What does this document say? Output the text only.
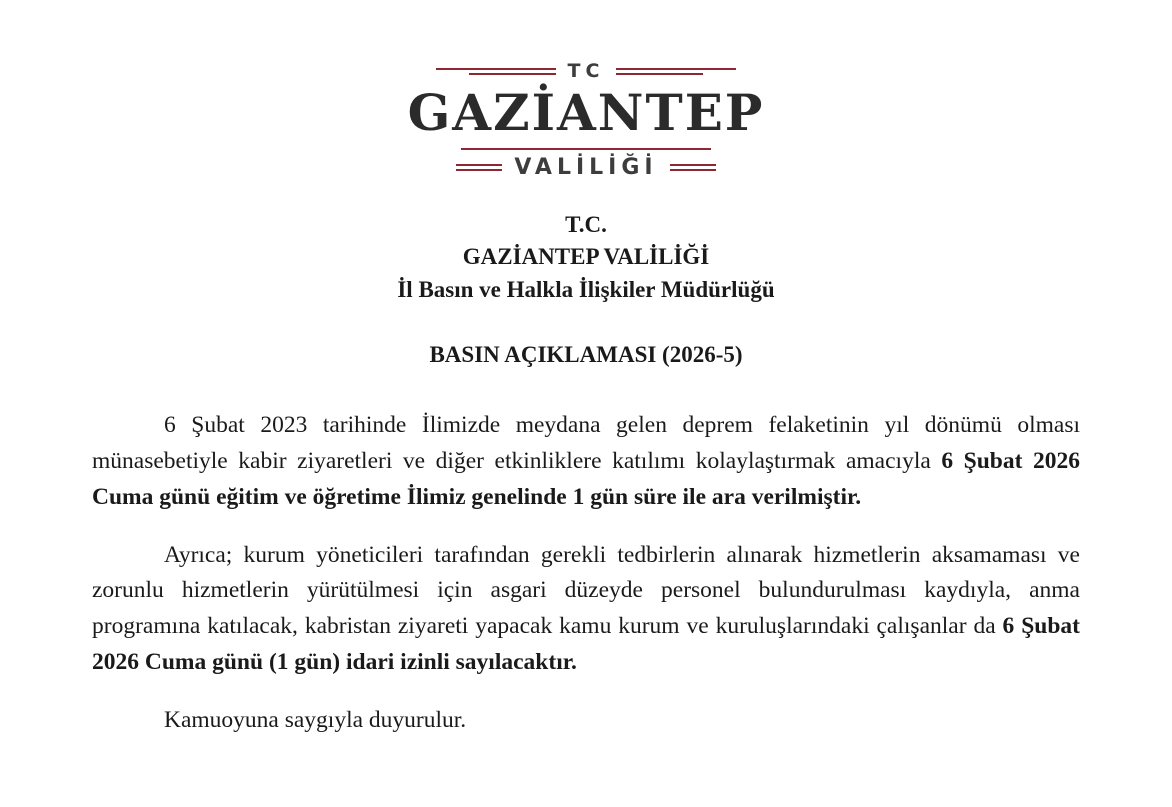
TC
GAZİANTEP
VALİLİĞİ
T.C.
GAZİANTEP VALİLİĞİ
İl Basın ve Halkla İlişkiler Müdürlüğü
BASIN AÇIKLAMASI (2026-5)

6 Şubat 2023 tarihinde İlimizde meydana gelen deprem felaketinin yıl dönümü olması münasebetiyle kabir ziyaretleri ve diğer etkinliklere katılımı kolaylaştırmak amacıyla 6 Şubat 2026 Cuma günü eğitim ve öğretime İlimiz genelinde 1 gün süre ile ara verilmiştir.

Ayrıca; kurum yöneticileri tarafından gerekli tedbirlerin alınarak hizmetlerin aksamaması ve zorunlu hizmetlerin yürütülmesi için asgari düzeyde personel bulundurulması kaydıyla, anma programına katılacak, kabristan ziyareti yapacak kamu kurum ve kuruluşlarındaki çalışanlar da 6 Şubat 2026 Cuma günü (1 gün) idari izinli sayılacaktır.

Kamuoyuna saygıyla duyurulur.
